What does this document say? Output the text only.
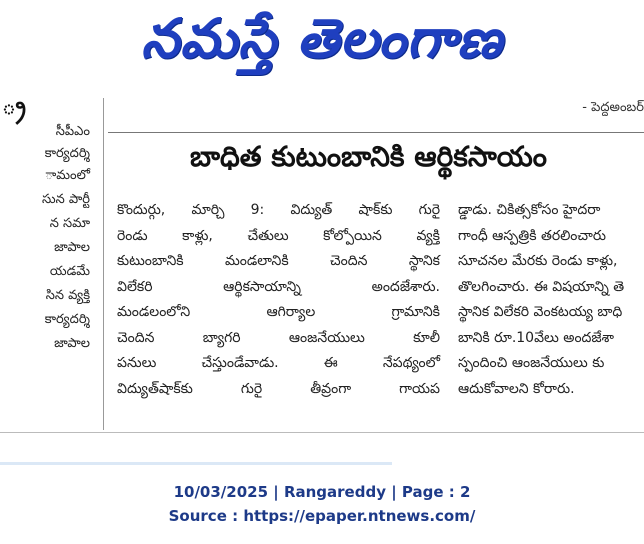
నమస్తే తెలంగాణ
్ర
సీపీఎం
కార్యదర్శి
ామంలో
సున పార్టీ
న సమా
జాపాల
యడమే
సిన వ్యక్తి
కార్యదర్శి
జాపాల
- పెద్దఅంబర్
బాధిత కుటుంబానికి ఆర్థికసాయం
కొందుర్గు, మార్చి 9: విద్యుత్ షాక్‌కు గురై
రెండు కాళ్లు, చేతులు కోల్పోయిన వ్యక్తి
కుటుంబానికి మండలానికి చెందిన స్థానిక
విలేకరి ఆర్థికసాయాన్ని అందజేశారు.
మండలంలోని ఆగిర్యాల గ్రామానికి
చెందిన బ్యాగరి ఆంజనేయులు కూలీ
పనులు చేస్తుండేవాడు. ఈ నేపథ్యంలో
విద్యుత్‌షాక్‌కు గురై తీవ్రంగా గాయప
డ్డాడు. చికిత్సకోసం హైదరా
గాంధీ ఆస్పత్రికి తరలించారు
సూచనల మేరకు రెండు కాళ్లు,
తొలగించారు. ఈ విషయాన్ని తె
స్థానిక విలేకరి వెంకటయ్య బాధి
బానికి రూ.10వేలు అందజేశా
స్పందించి ఆంజనేయులు కు
ఆదుకోవాలని కోరారు.
10/03/2025 | Rangareddy | Page : 2
Source : https://epaper.ntnews.com/
